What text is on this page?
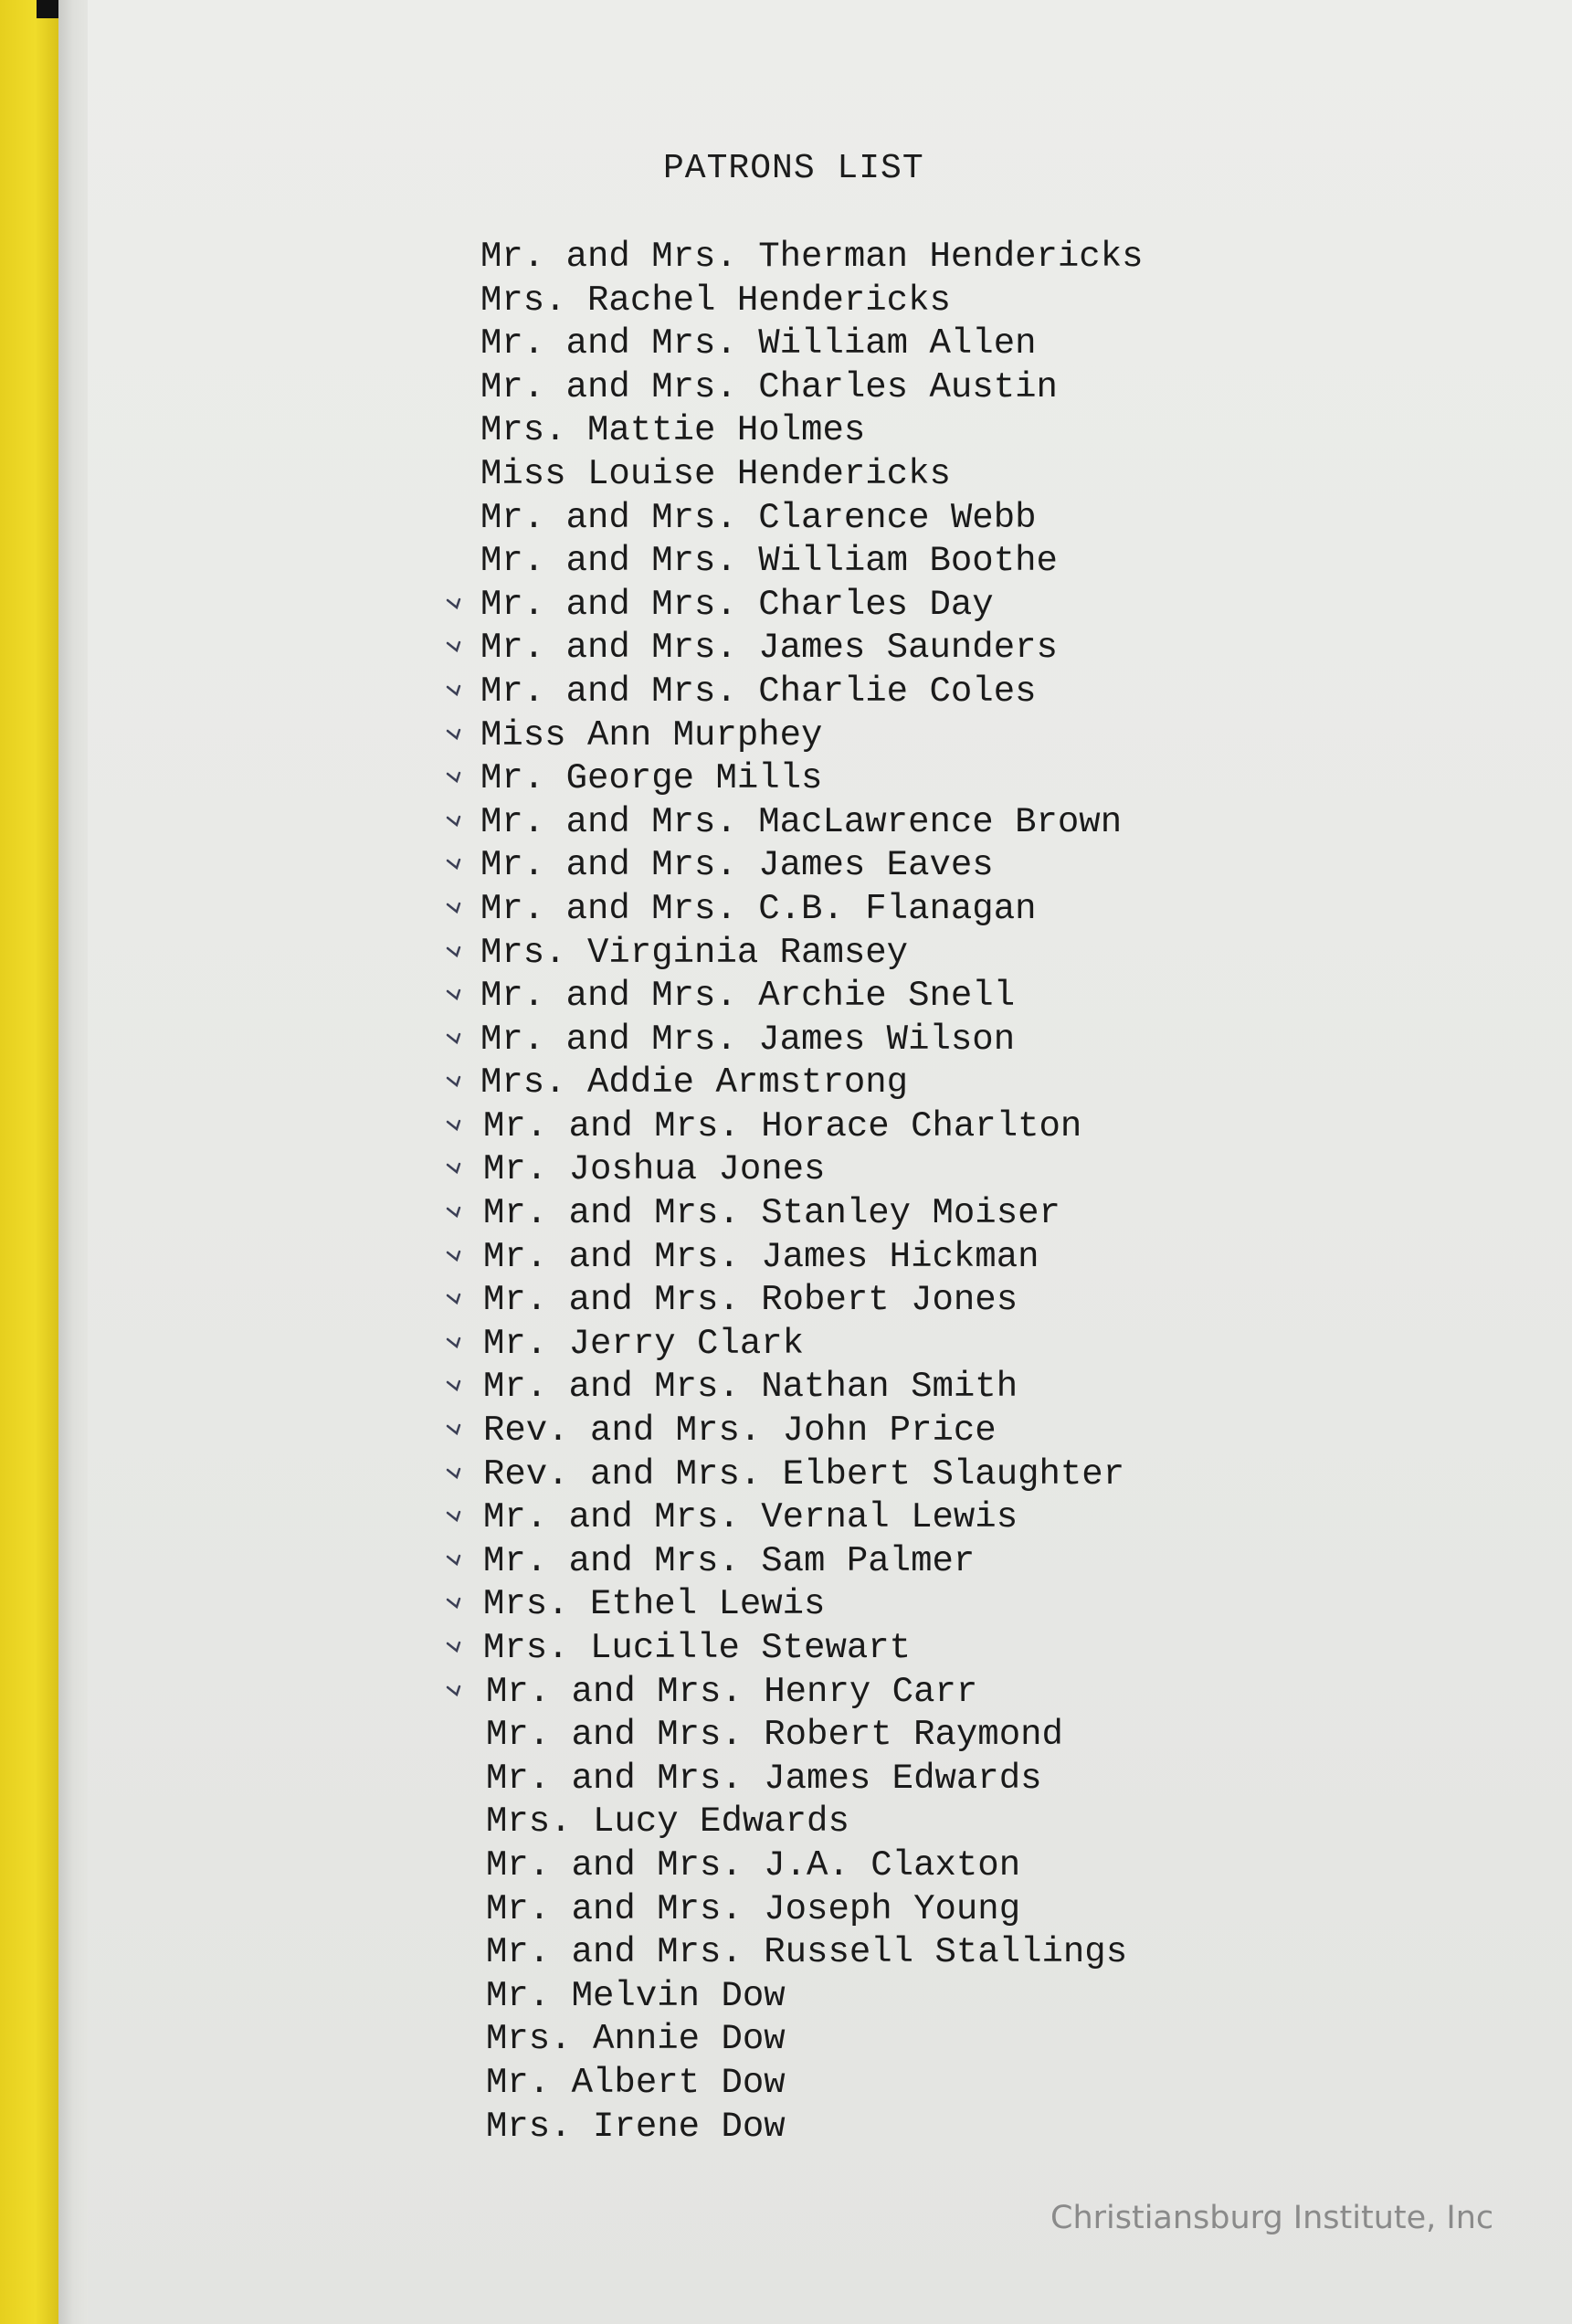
PATRONS LIST
Mr. and Mrs. Therman Hendericks
Mrs. Rachel Hendericks
Mr. and Mrs. William Allen
Mr. and Mrs. Charles Austin
Mrs. Mattie Holmes
Miss Louise Hendericks
Mr. and Mrs. Clarence Webb
Mr. and Mrs. William Boothe
Mr. and Mrs. Charles Day
Mr. and Mrs. James Saunders
Mr. and Mrs. Charlie Coles
Miss Ann Murphey
Mr. George Mills
Mr. and Mrs. MacLawrence Brown
Mr. and Mrs. James Eaves
Mr. and Mrs. C.B. Flanagan
Mrs. Virginia Ramsey
Mr. and Mrs. Archie Snell
Mr. and Mrs. James Wilson
Mrs. Addie Armstrong
Mr. and Mrs. Horace Charlton
Mr. Joshua Jones
Mr. and Mrs. Stanley Moiser
Mr. and Mrs. James Hickman
Mr. and Mrs. Robert Jones
Mr. Jerry Clark
Mr. and Mrs. Nathan Smith
Rev. and Mrs. John Price
Rev. and Mrs. Elbert Slaughter
Mr. and Mrs. Vernal Lewis
Mr. and Mrs. Sam Palmer
Mrs. Ethel Lewis
Mrs. Lucille Stewart
Mr. and Mrs. Henry Carr
Mr. and Mrs. Robert Raymond
Mr. and Mrs. James Edwards
Mrs. Lucy Edwards
Mr. and Mrs. J.A. Claxton
Mr. and Mrs. Joseph Young
Mr. and Mrs. Russell Stallings
Mr. Melvin Dow
Mrs. Annie Dow
Mr. Albert Dow
Mrs. Irene Dow
Christiansburg Institute, Inc
